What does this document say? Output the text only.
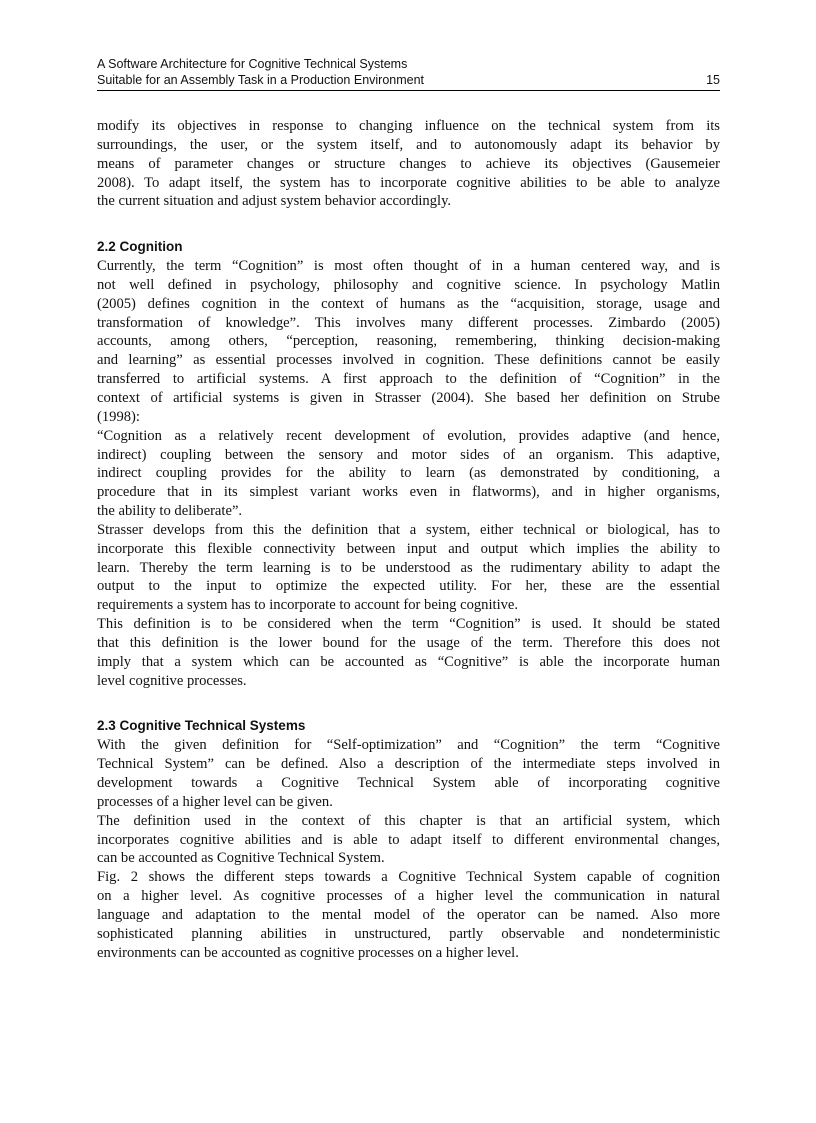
A Software Architecture for Cognitive Technical Systems
Suitable for an Assembly Task in a Production Environment	15
modify its objectives in response to changing influence on the technical system from its
surroundings, the user, or the system itself, and to autonomously adapt its behavior by
means of parameter changes or structure changes to achieve its objectives (Gausemeier
2008). To adapt itself, the system has to incorporate cognitive abilities to be able to analyze
the current situation and adjust system behavior accordingly.
2.2 Cognition
Currently, the term “Cognition” is most often thought of in a human centered way, and is
not well defined in psychology, philosophy and cognitive science. In psychology Matlin
(2005) defines cognition in the context of humans as the “acquisition, storage, usage and
transformation of knowledge”. This involves many different processes. Zimbardo (2005)
accounts, among others, “perception, reasoning, remembering, thinking decision-making
and learning” as essential processes involved in cognition. These definitions cannot be easily
transferred to artificial systems. A first approach to the definition of “Cognition” in the
context of artificial systems is given in Strasser (2004). She based her definition on Strube
(1998):
“Cognition as a relatively recent development of evolution, provides adaptive (and hence,
indirect) coupling between the sensory and motor sides of an organism. This adaptive,
indirect coupling provides for the ability to learn (as demonstrated by conditioning, a
procedure that in its simplest variant works even in flatworms), and in higher organisms,
the ability to deliberate”.
Strasser develops from this the definition that a system, either technical or biological, has to
incorporate this flexible connectivity between input and output which implies the ability to
learn. Thereby the term learning is to be understood as the rudimentary ability to adapt the
output to the input to optimize the expected utility. For her, these are the essential
requirements a system has to incorporate to account for being cognitive.
This definition is to be considered when the term “Cognition” is used. It should be stated
that this definition is the lower bound for the usage of the term. Therefore this does not
imply that a system which can be accounted as “Cognitive” is able the incorporate human
level cognitive processes.
2.3 Cognitive Technical Systems
With the given definition for “Self-optimization” and “Cognition” the term “Cognitive
Technical System” can be defined. Also a description of the intermediate steps involved in
development towards a Cognitive Technical System able of incorporating cognitive
processes of a higher level can be given.
The definition used in the context of this chapter is that an artificial system, which
incorporates cognitive abilities and is able to adapt itself to different environmental changes,
can be accounted as Cognitive Technical System.
Fig. 2 shows the different steps towards a Cognitive Technical System capable of cognition
on a higher level. As cognitive processes of a higher level the communication in natural
language and adaptation to the mental model of the operator can be named. Also more
sophisticated planning abilities in unstructured, partly observable and nondeterministic
environments can be accounted as cognitive processes on a higher level.
